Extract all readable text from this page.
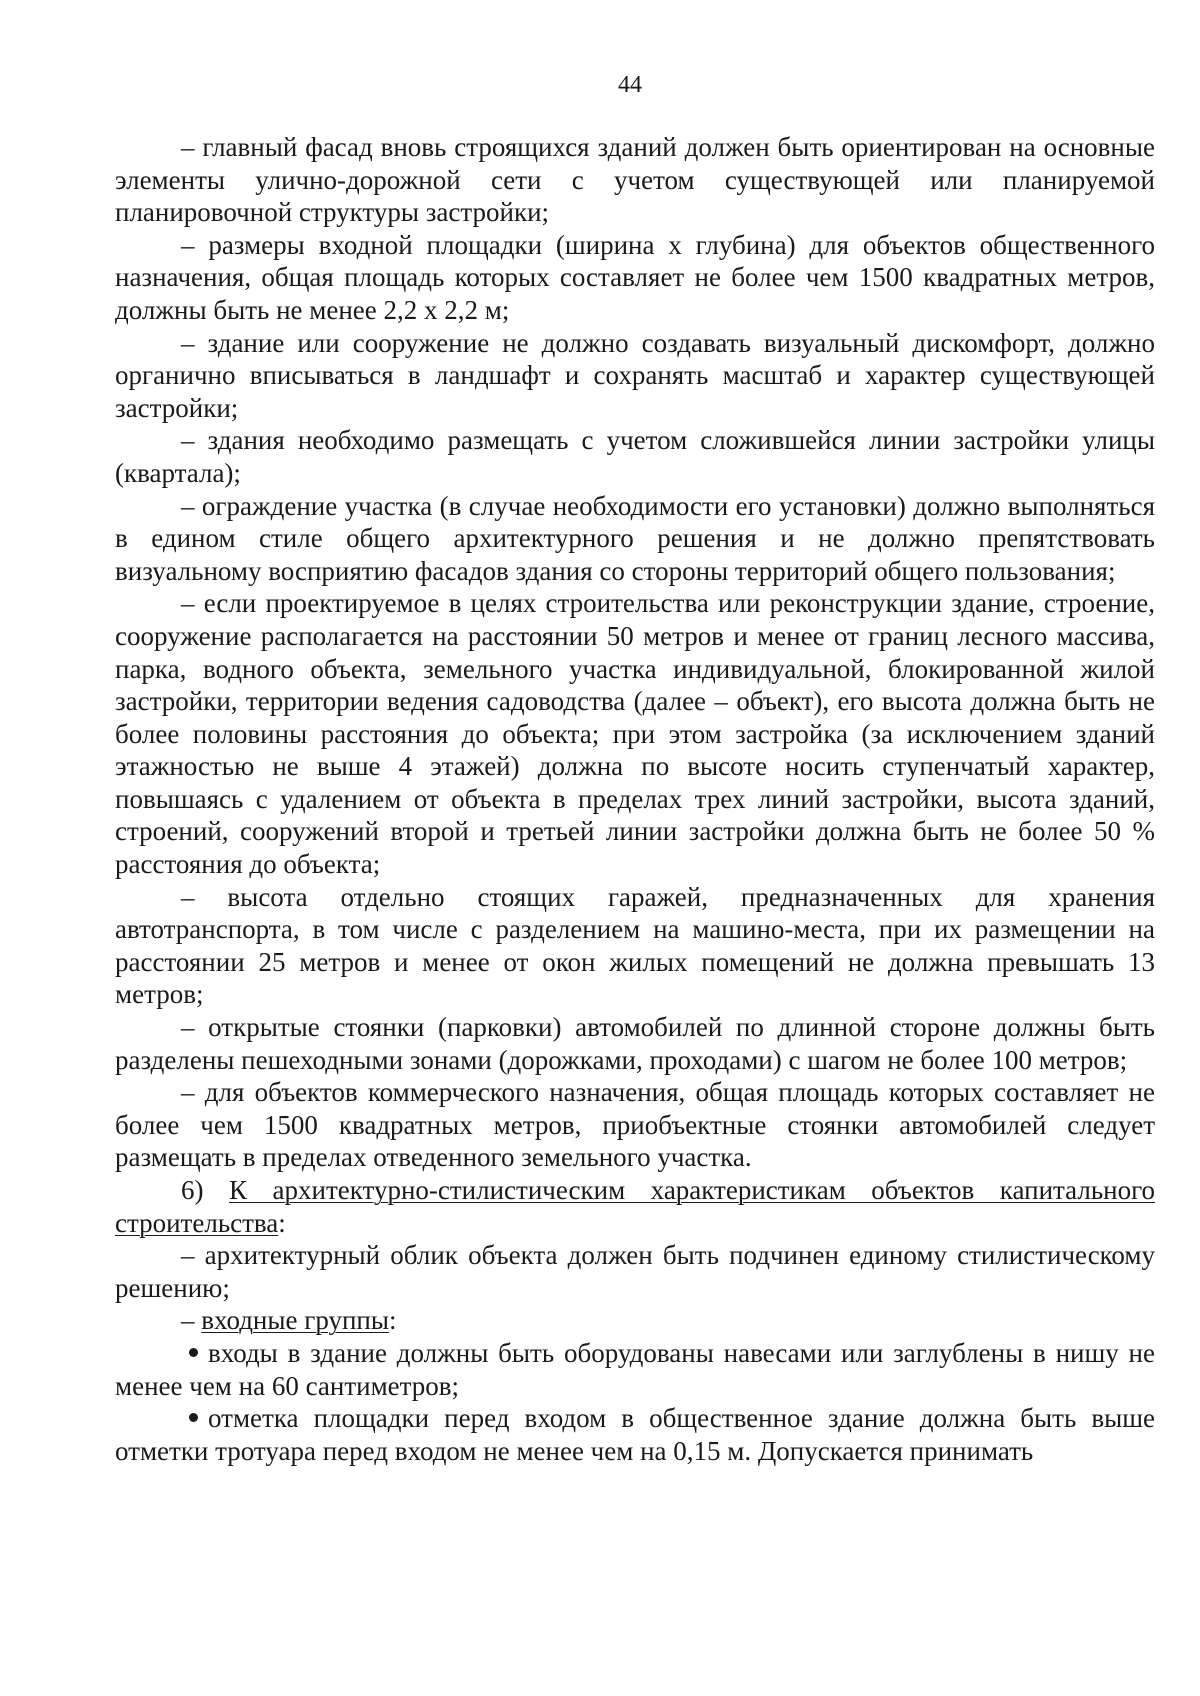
44

– главный фасад вновь строящихся зданий должен быть ориентирован на основные элементы улично-дорожной сети с учетом существующей или планируемой планировочной структуры застройки;

– размеры входной площадки (ширина х глубина) для объектов общественного назначения, общая площадь которых составляет не более чем 1500 квадратных метров, должны быть не менее 2,2 х 2,2 м;

– здание или сооружение не должно создавать визуальный дискомфорт, должно органично вписываться в ландшафт и сохранять масштаб и характер существующей застройки;

– здания необходимо размещать с учетом сложившейся линии застройки улицы (квартала);

– ограждение участка (в случае необходимости его установки) должно выполняться в едином стиле общего архитектурного решения и не должно препятствовать визуальному восприятию фасадов здания со стороны территорий общего пользования;

– если проектируемое в целях строительства или реконструкции здание, строение, сооружение располагается на расстоянии 50 метров и менее от границ лесного массива, парка, водного объекта, земельного участка индивидуальной, блокированной жилой застройки, территории ведения садоводства (далее – объект), его высота должна быть не более половины расстояния до объекта; при этом застройка (за исключением зданий этажностью не выше 4 этажей) должна по высоте носить ступенчатый характер, повышаясь с удалением от объекта в пределах трех линий застройки, высота зданий, строений, сооружений второй и третьей линии застройки должна быть не более 50 % расстояния до объекта;

– высота отдельно стоящих гаражей, предназначенных для хранения автотранспорта, в том числе с разделением на машино-места, при их размещении на расстоянии 25 метров и менее от окон жилых помещений не должна превышать 13 метров;

– открытые стоянки (парковки) автомобилей по длинной стороне должны быть разделены пешеходными зонами (дорожками, проходами) с шагом не более 100 метров;

– для объектов коммерческого назначения, общая площадь которых составляет не более чем 1500 квадратных метров, приобъектные стоянки автомобилей следует размещать в пределах отведенного земельного участка.

6) К архитектурно-стилистическим характеристикам объектов капитального строительства:

– архитектурный облик объекта должен быть подчинен единому стилистическому решению;

– входные группы:

входы в здание должны быть оборудованы навесами или заглублены в нишу не менее чем на 60 сантиметров;

отметка площадки перед входом в общественное здание должна быть выше отметки тротуара перед входом не менее чем на 0,15 м. Допускается принимать
